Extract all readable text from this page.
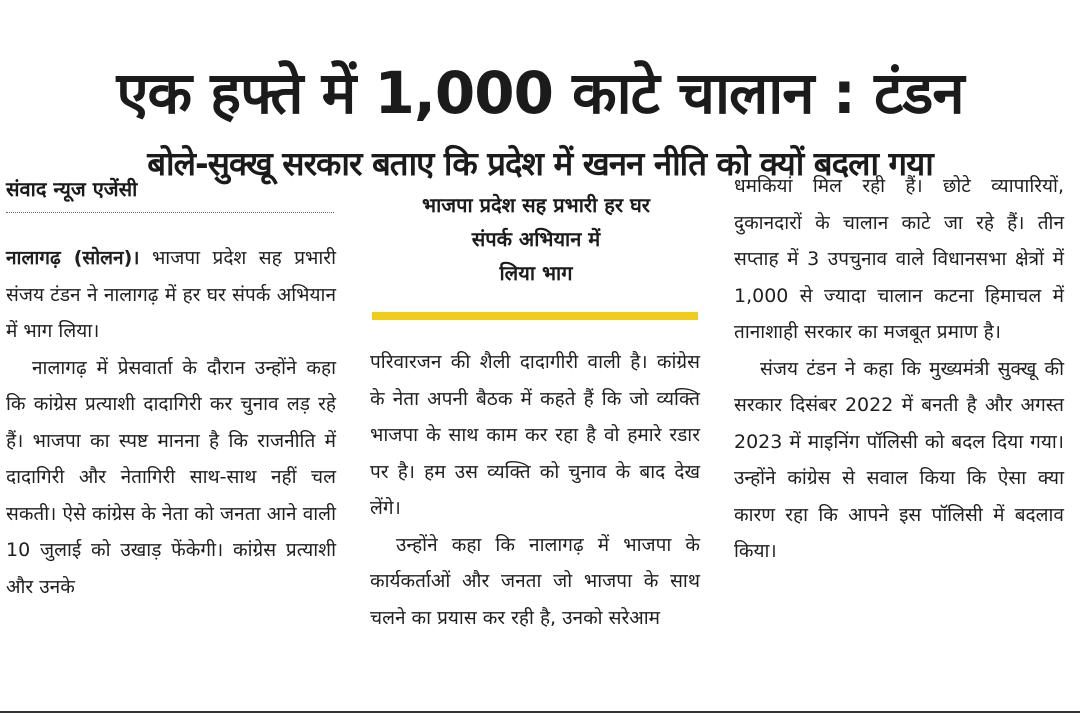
एक हफ्ते में 1,000 काटे चालान : टंडन
बोले-सुक्खू सरकार बताए कि प्रदेश में खनन नीति को क्यों बदला गया
संवाद न्यूज एजेंसी

नालागढ़ (सोलन)। भाजपा प्रदेश सह प्रभारी संजय टंडन ने नालागढ़ में हर घर संपर्क अभियान में भाग लिया।

नालागढ़ में प्रेसवार्ता के दौरान उन्होंने कहा कि कांग्रेस प्रत्याशी दादागिरी कर चुनाव लड़ रहे हैं। भाजपा का स्पष्ट मानना है कि राजनीति में दादागिरी और नेतागिरी साथ-साथ नहीं चल सकती। ऐसे कांग्रेस के नेता को जनता आने वाली 10 जुलाई को उखाड़ फेंकेगी। कांग्रेस प्रत्याशी और उनके

भाजपा प्रदेश सह प्रभारी हर घर
संपर्क अभियान में
लिया भाग

परिवारजन की शैली दादागीरी वाली है। कांग्रेस के नेता अपनी बैठक में कहते हैं कि जो व्यक्ति भाजपा के साथ काम कर रहा है वो हमारे रडार पर है। हम उस व्यक्ति को चुनाव के बाद देख लेंगे।

उन्होंने कहा कि नालागढ़ में भाजपा के कार्यकर्ताओं और जनता जो भाजपा के साथ चलने का प्रयास कर रही है, उनको सरेआम

धमकियां मिल रही हैं। छोटे व्यापारियों, दुकानदारों के चालान काटे जा रहे हैं। तीन सप्ताह में 3 उपचुनाव वाले विधानसभा क्षेत्रों में 1,000 से ज्यादा चालान कटना हिमाचल में तानाशाही सरकार का मजबूत प्रमाण है।

संजय टंडन ने कहा कि मुख्यमंत्री सुक्खू की सरकार दिसंबर 2022 में बनती है और अगस्त 2023 में माइनिंग पॉलिसी को बदल दिया गया। उन्होंने कांग्रेस से सवाल किया कि ऐसा क्या कारण रहा कि आपने इस पॉलिसी में बदलाव किया।
